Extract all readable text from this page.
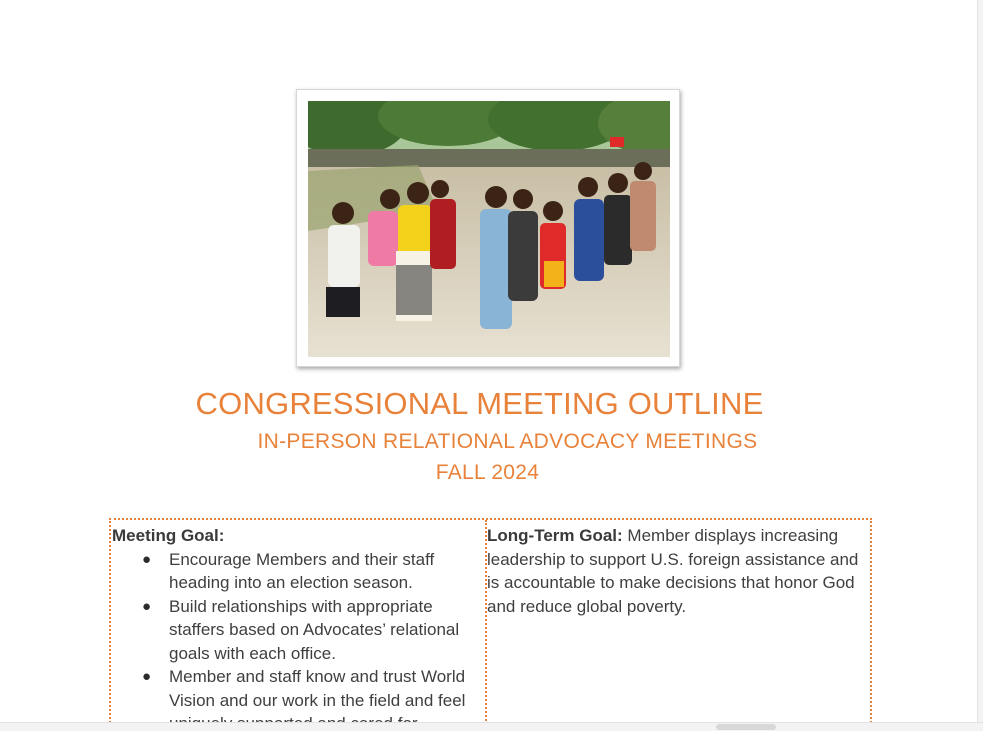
CONGRESSIONAL MEETING OUTLINE
IN-PERSON RELATIONAL ADVOCACY MEETINGS
FALL 2024
Meeting Goal:
● Encourage Members and their staff heading into an election season.
● Build relationships with appropriate staffers based on Advocates’ relational goals with each office.
● Member and staff know and trust World Vision and our work in the field and feel
Long-Term Goal: Member displays increasing leadership to support U.S. foreign assistance and is accountable to make decisions that honor God and reduce global poverty.
